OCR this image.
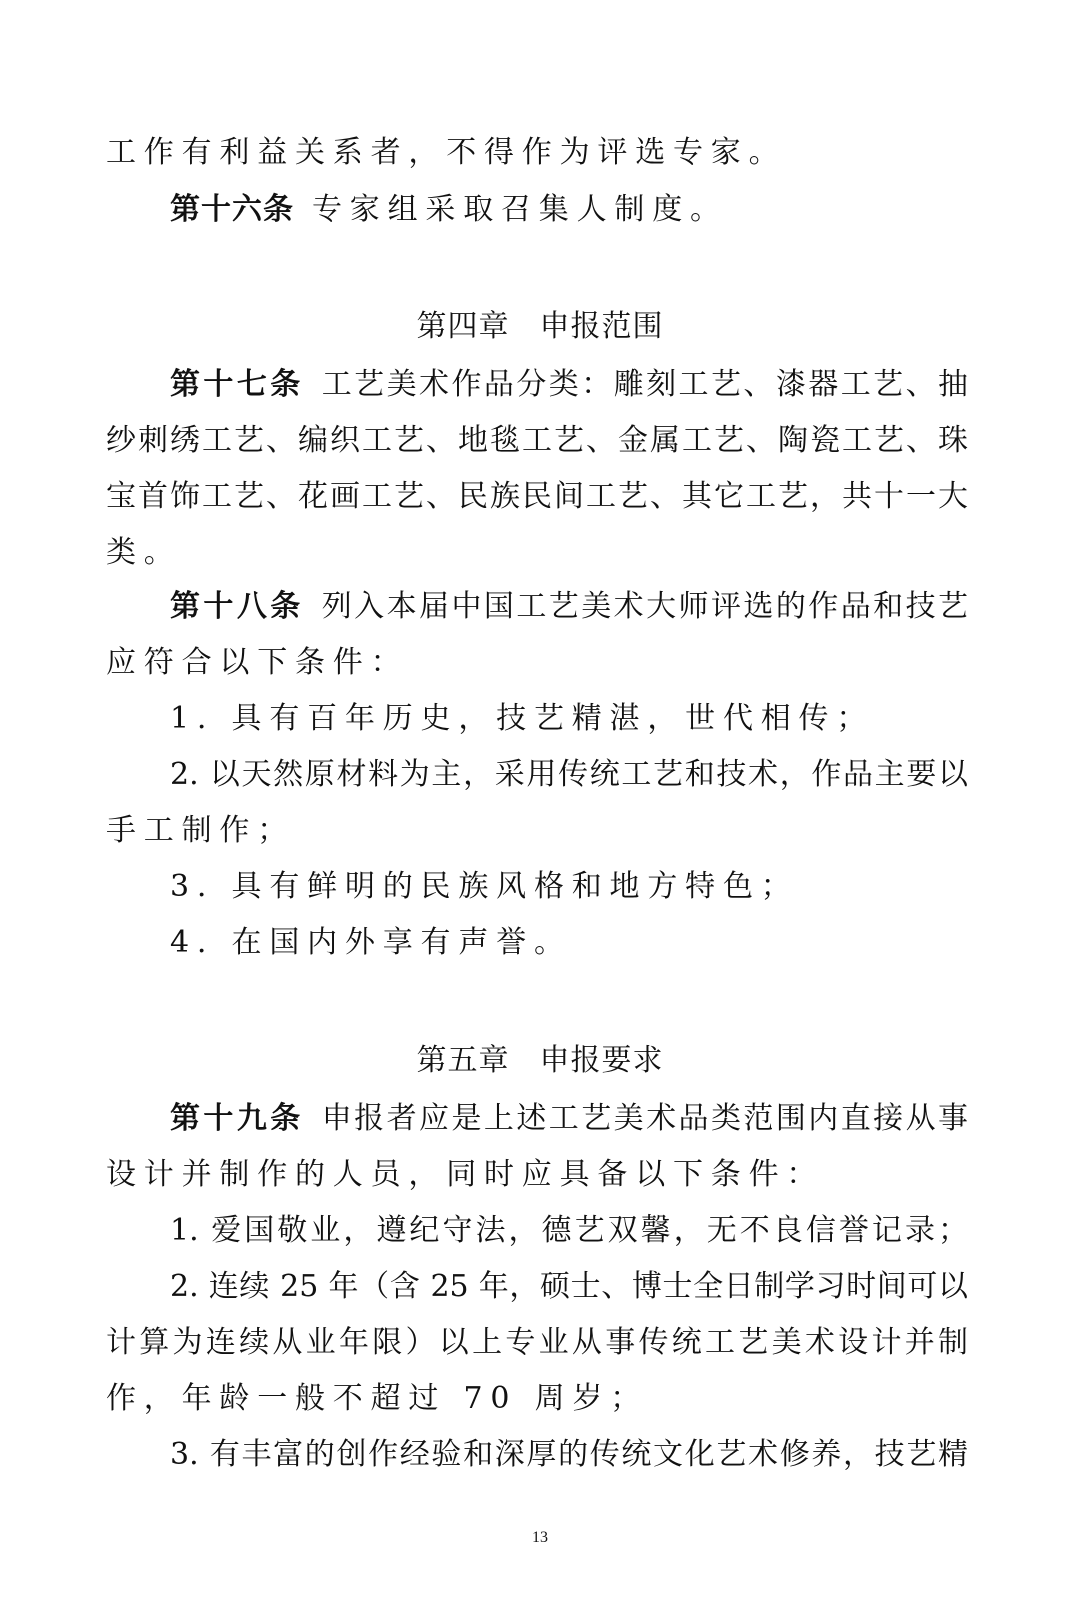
工作有利益关系者，不得作为评选专家。
第十六条 专家组采取召集人制度。
第四章 申报范围
第十七条 工艺美术作品分类：雕刻工艺、漆器工艺、抽
纱刺绣工艺、编织工艺、地毯工艺、金属工艺、陶瓷工艺、珠
宝首饰工艺、花画工艺、民族民间工艺、其它工艺，共十一大
类。
第十八条 列入本届中国工艺美术大师评选的作品和技艺
应符合以下条件：
1. 具有百年历史，技艺精湛，世代相传；
2. 以天然原材料为主，采用传统工艺和技术，作品主要以
手工制作；
3. 具有鲜明的民族风格和地方特色；
4. 在国内外享有声誉。
第五章 申报要求
第十九条 申报者应是上述工艺美术品类范围内直接从事
设计并制作的人员，同时应具备以下条件：
1. 爱国敬业，遵纪守法，德艺双馨，无不良信誉记录；
2. 连续 25 年（含 25 年，硕士、博士全日制学习时间可以
计算为连续从业年限）以上专业从事传统工艺美术设计并制
作，年龄一般不超过 70 周岁；
3. 有丰富的创作经验和深厚的传统文化艺术修养，技艺精
13
